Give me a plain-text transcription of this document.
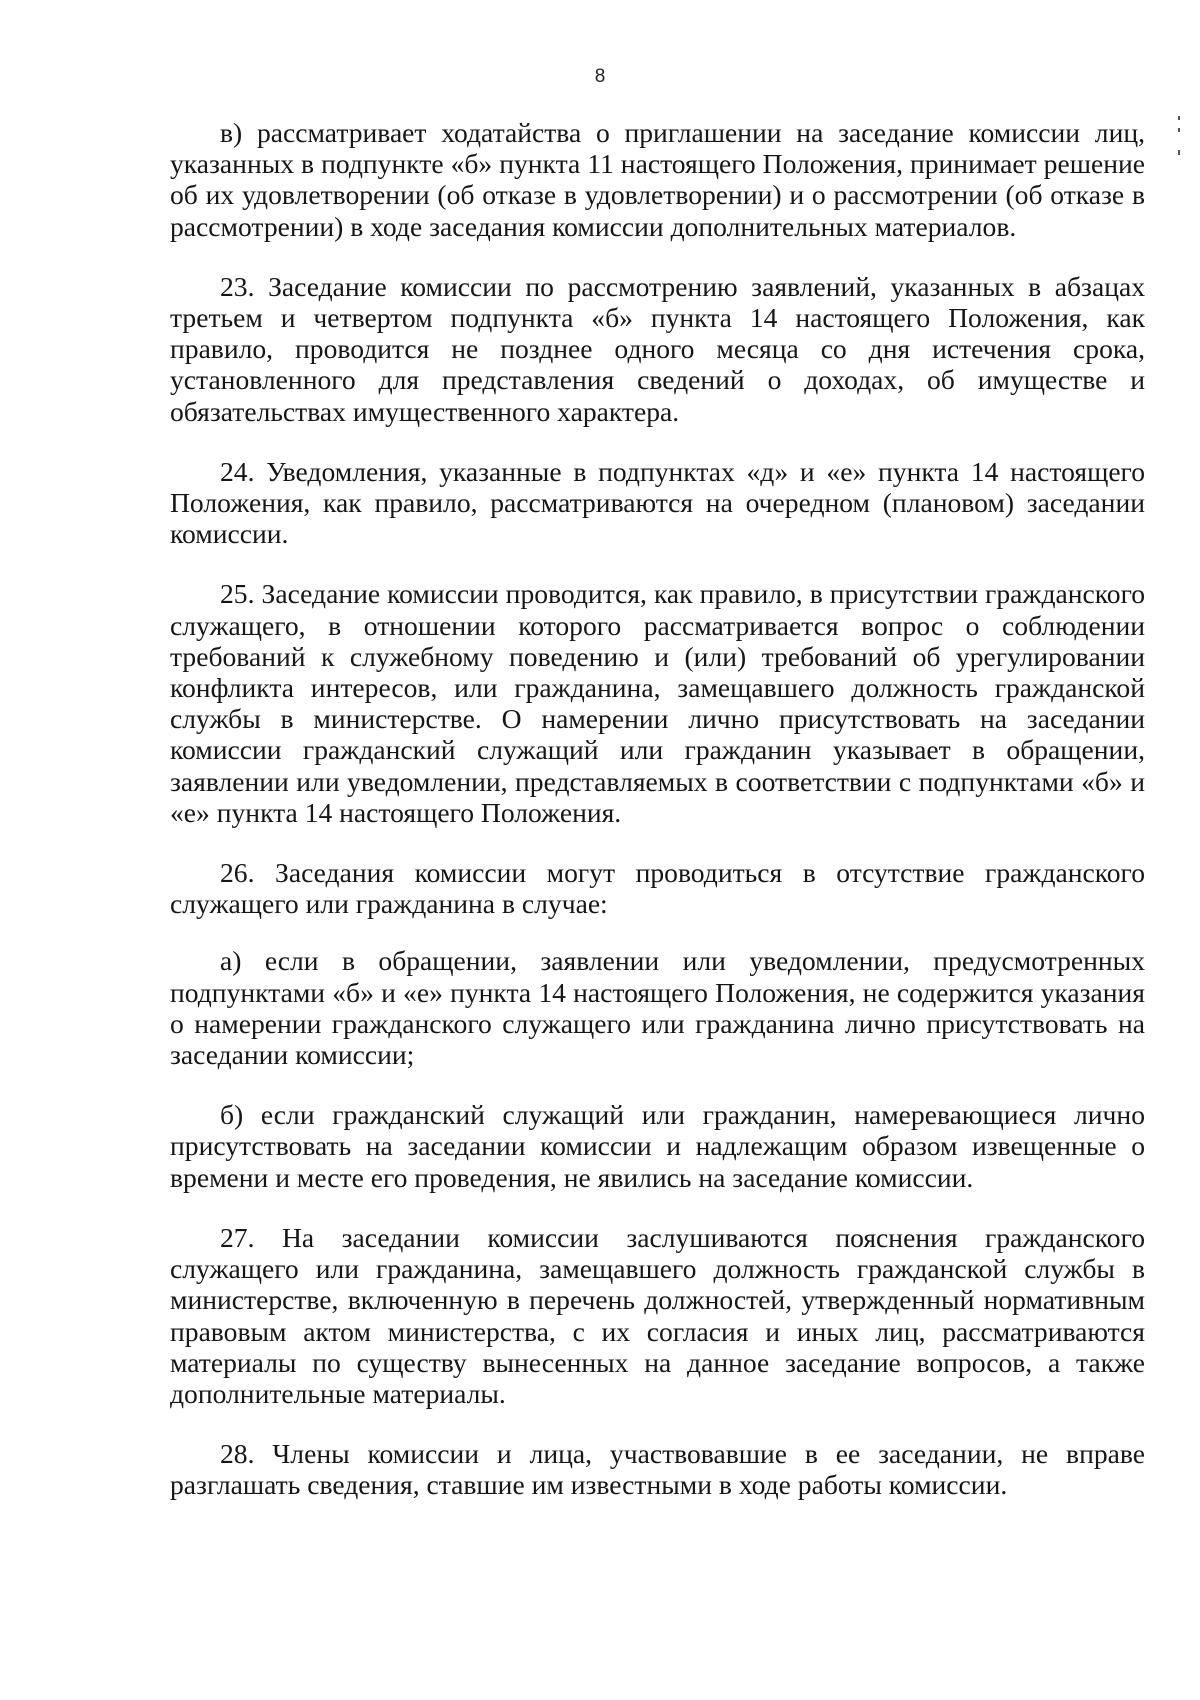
8

в) рассматривает ходатайства о приглашении на заседание комиссии лиц, указанных в подпункте «б» пункта 11 настоящего Положения, принимает решение об их удовлетворении (об отказе в удовлетворении) и о рассмотрении (об отказе в рассмотрении) в ходе заседания комиссии дополнительных материалов.

23. Заседание комиссии по рассмотрению заявлений, указанных в абзацах третьем и четвертом подпункта «б» пункта 14 настоящего Положения, как правило, проводится не позднее одного месяца со дня истечения срока, установленного для представления сведений о доходах, об имуществе и обязательствах имущественного характера.

24. Уведомления, указанные в подпунктах «д» и «е» пункта 14 настоящего Положения, как правило, рассматриваются на очередном (плановом) заседании комиссии.

25. Заседание комиссии проводится, как правило, в присутствии гражданского служащего, в отношении которого рассматривается вопрос о соблюдении требований к служебному поведению и (или) требований об урегулировании конфликта интересов, или гражданина, замещавшего должность гражданской службы в министерстве. О намерении лично присутствовать на заседании комиссии гражданский служащий или гражданин указывает в обращении, заявлении или уведомлении, представляемых в соответствии с подпунктами «б» и «е» пункта 14 настоящего Положения.

26. Заседания комиссии могут проводиться в отсутствие гражданского служащего или гражданина в случае:

а) если в обращении, заявлении или уведомлении, предусмотренных подпунктами «б» и «е» пункта 14 настоящего Положения, не содержится указания о намерении гражданского служащего или гражданина лично присутствовать на заседании комиссии;

б) если гражданский служащий или гражданин, намеревающиеся лично присутствовать на заседании комиссии и надлежащим образом извещенные о времени и месте его проведения, не явились на заседание комиссии.

27. На заседании комиссии заслушиваются пояснения гражданского служащего или гражданина, замещавшего должность гражданской службы в министерстве, включенную в перечень должностей, утвержденный нормативным правовым актом министерства, с их согласия и иных лиц, рассматриваются материалы по существу вынесенных на данное заседание вопросов, а также дополнительные материалы.

28. Члены комиссии и лица, участвовавшие в ее заседании, не вправе разглашать сведения, ставшие им известными в ходе работы комиссии.
